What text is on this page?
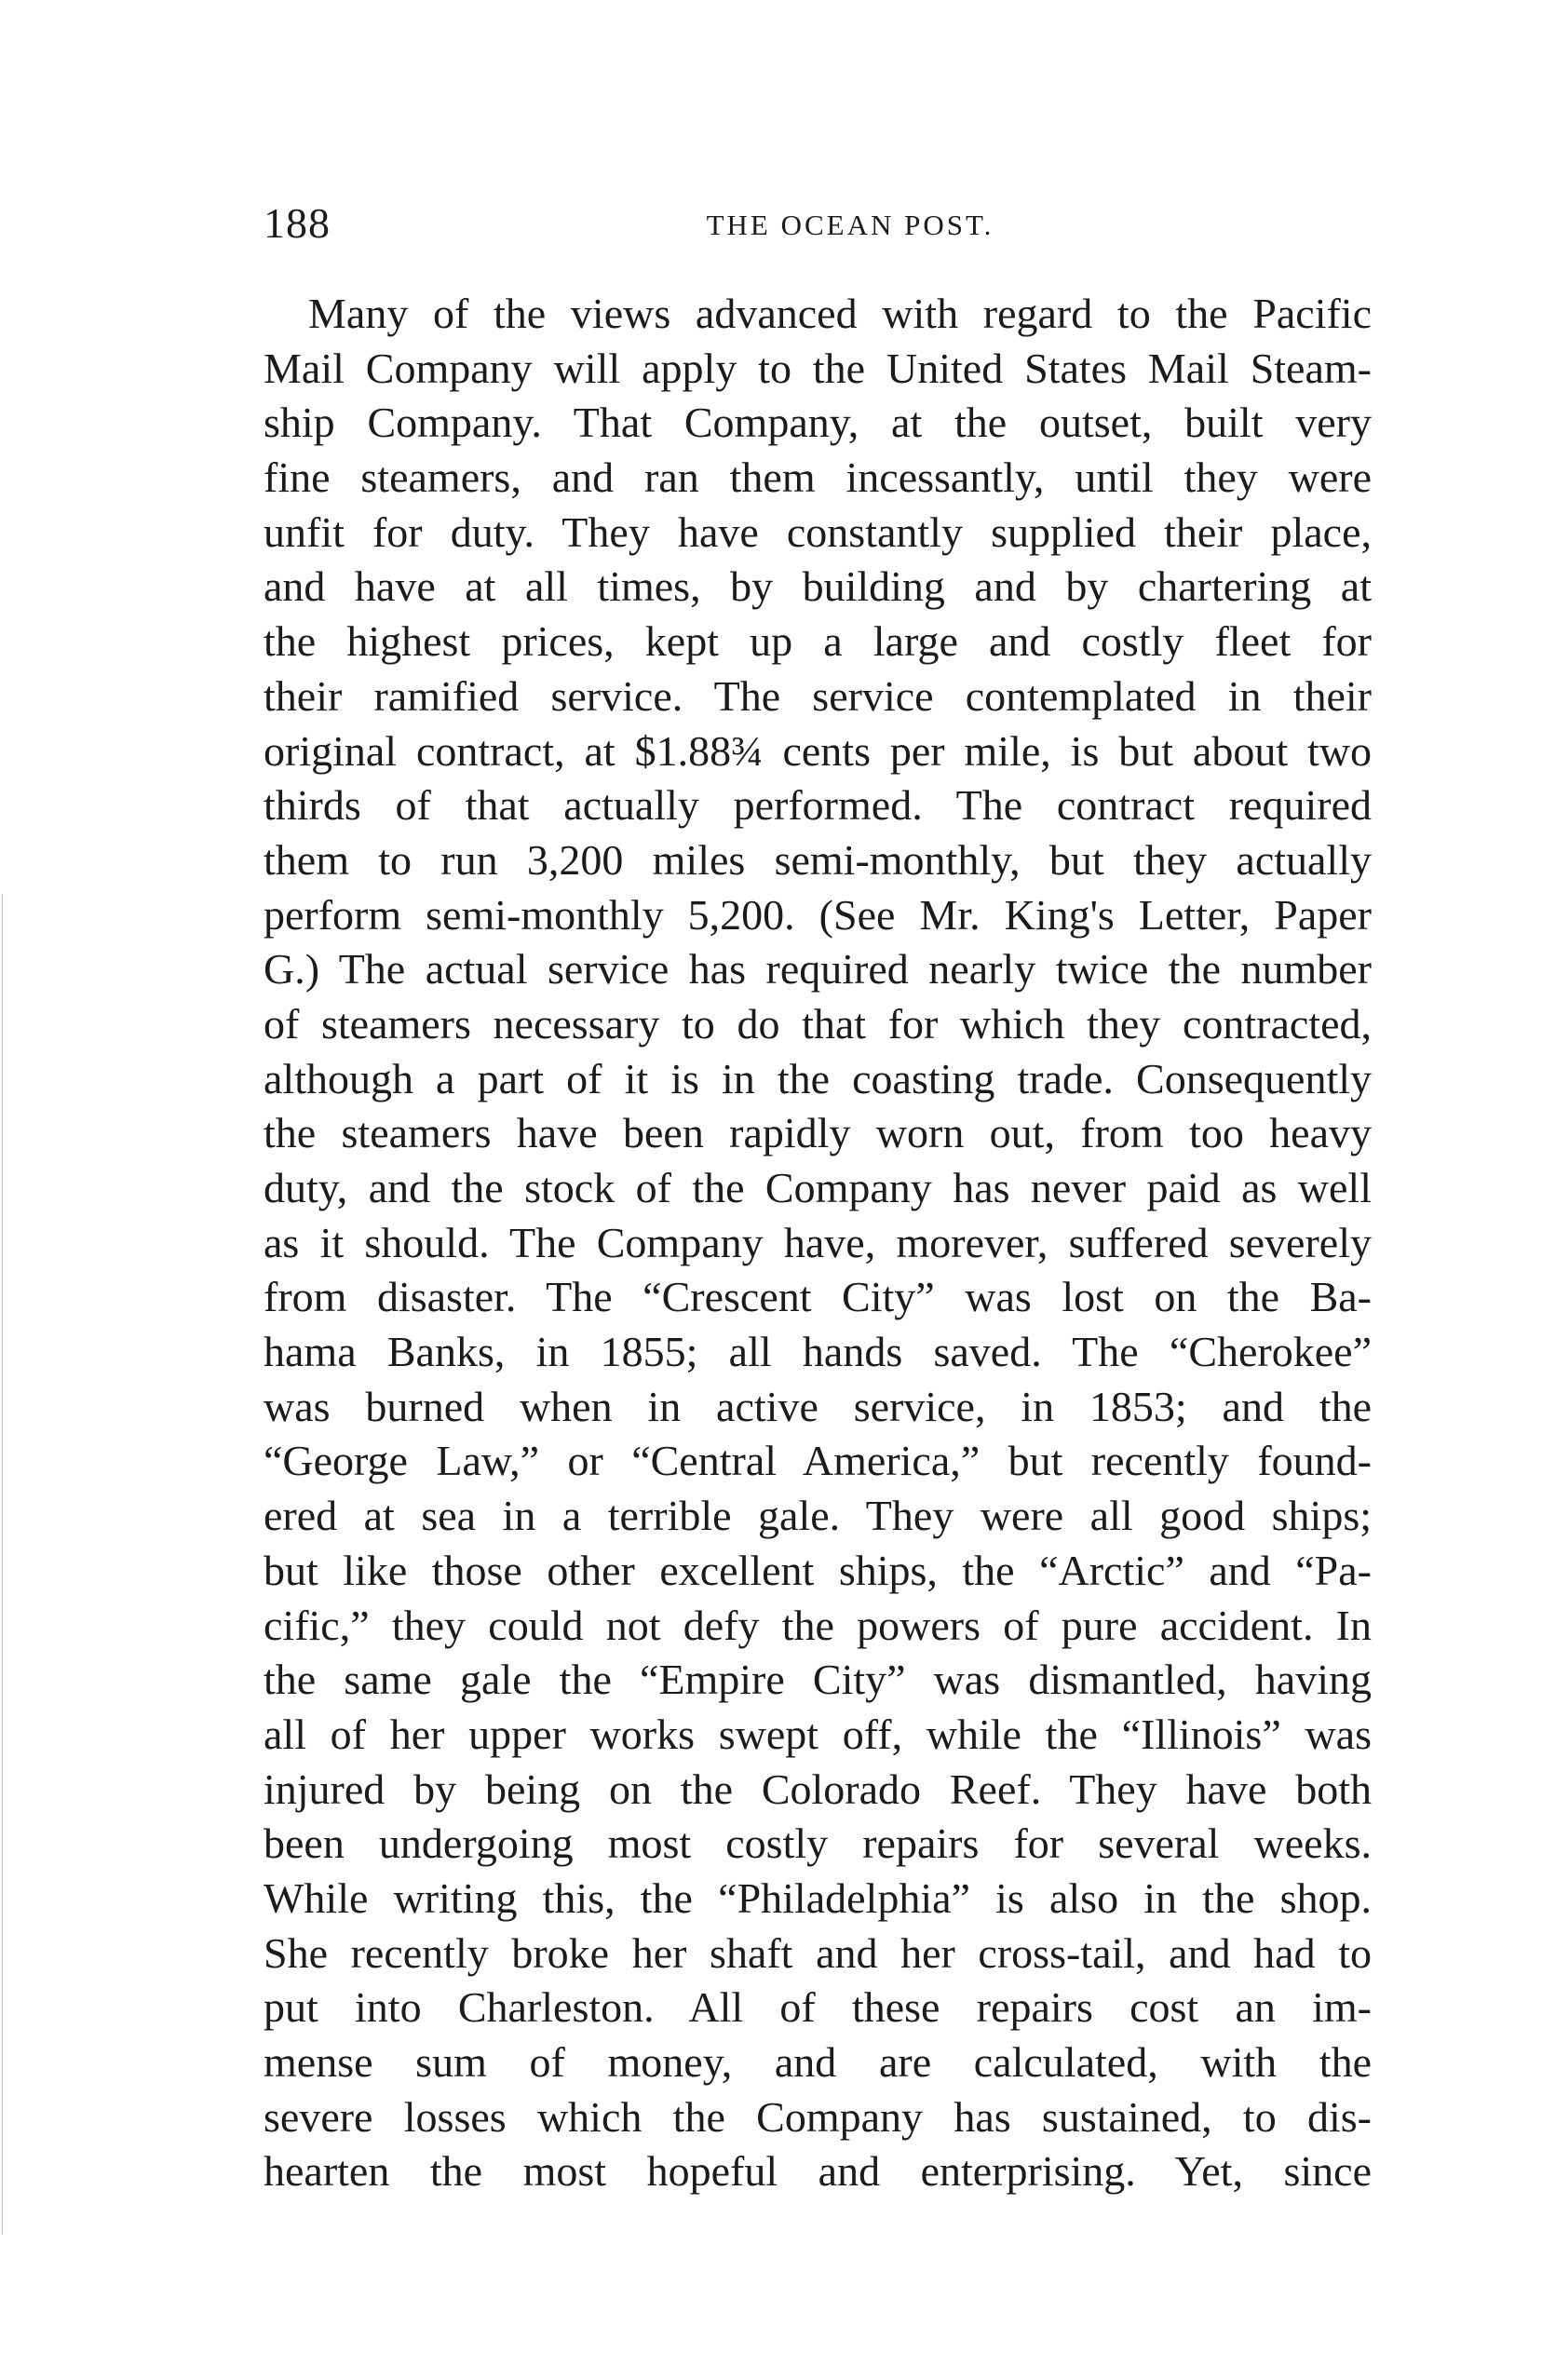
188	THE OCEAN POST.
Many of the views advanced with regard to the Pacific
Mail Company will apply to the United States Mail Steam-
ship Company. That Company, at the outset, built very
fine steamers, and ran them incessantly, until they were
unfit for duty. They have constantly supplied their place,
and have at all times, by building and by chartering at
the highest prices, kept up a large and costly fleet for
their ramified service. The service contemplated in their
original contract, at $1.88¾ cents per mile, is but about two
thirds of that actually performed. The contract required
them to run 3,200 miles semi-monthly, but they actually
perform semi-monthly 5,200. (See Mr. King's Letter, Paper
G.) The actual service has required nearly twice the number
of steamers necessary to do that for which they contracted,
although a part of it is in the coasting trade. Consequently
the steamers have been rapidly worn out, from too heavy
duty, and the stock of the Company has never paid as well
as it should. The Company have, morever, suffered severely
from disaster. The “Crescent City” was lost on the Ba-
hama Banks, in 1855; all hands saved. The “Cherokee”
was burned when in active service, in 1853; and the
“George Law,” or “Central America,” but recently found-
ered at sea in a terrible gale. They were all good ships;
but like those other excellent ships, the “Arctic” and “Pa-
cific,” they could not defy the powers of pure accident. In
the same gale the “Empire City” was dismantled, having
all of her upper works swept off, while the “Illinois” was
injured by being on the Colorado Reef. They have both
been undergoing most costly repairs for several weeks.
While writing this, the “Philadelphia” is also in the shop.
She recently broke her shaft and her cross-tail, and had to
put into Charleston. All of these repairs cost an im-
mense sum of money, and are calculated, with the
severe losses which the Company has sustained, to dis-
hearten the most hopeful and enterprising. Yet, since
